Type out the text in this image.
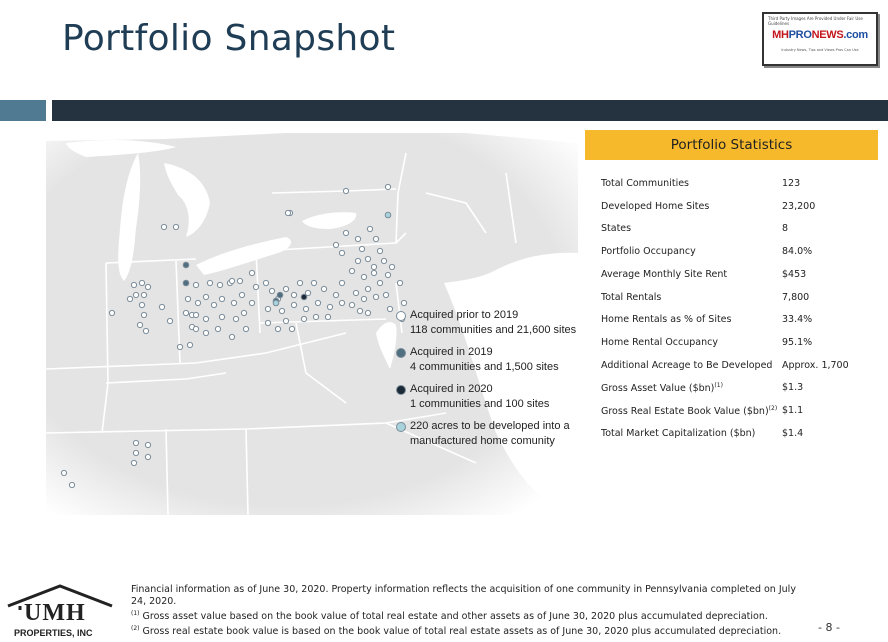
Portfolio Snapshot	Third Party Images Are Provided Under Fair Use Guidelines
MHPRONEWS.com
Industry News, Tips and Views Pros Can Use
Acquired prior to 2019
118 communities and 21,600 sites
Acquired in 2019
4 communities and 1,500 sites
Acquired in 2020
1 communities and 100 sites
220 acres to be developed into a
manufactured home comunity
Portfolio Statistics
Total Communities	123
Developed Home Sites	23,200
States	8
Portfolio Occupancy	84.0%
Average Monthly Site Rent	$453
Total Rentals	7,800
Home Rentals as % of Sites	33.4%
Home Rental Occupancy	95.1%
Additional Acreage to Be Developed Approx. 1,700
Gross Asset Value ($bn)$^{(1)}$	$1.3
Gross Real Estate Book Value ($bn)$^{(2)}$ $1.1
Total Market Capitalization ($bn)	$1.4
UMH
PROPERTIES, INC
Financial information as of June 30, 2020. Property information reflects the acquisition of one community in Pennsylvania completed on July
24, 2020.
$^{(1)}$ Gross asset value based on the book value of total real estate and other assets as of June 30, 2020 plus accumulated depreciation.
$^{(2)}$ Gross real estate book value is based on the book value of total real estate assets as of June 30, 2020 plus accumulated depreciation.	- 8 -
